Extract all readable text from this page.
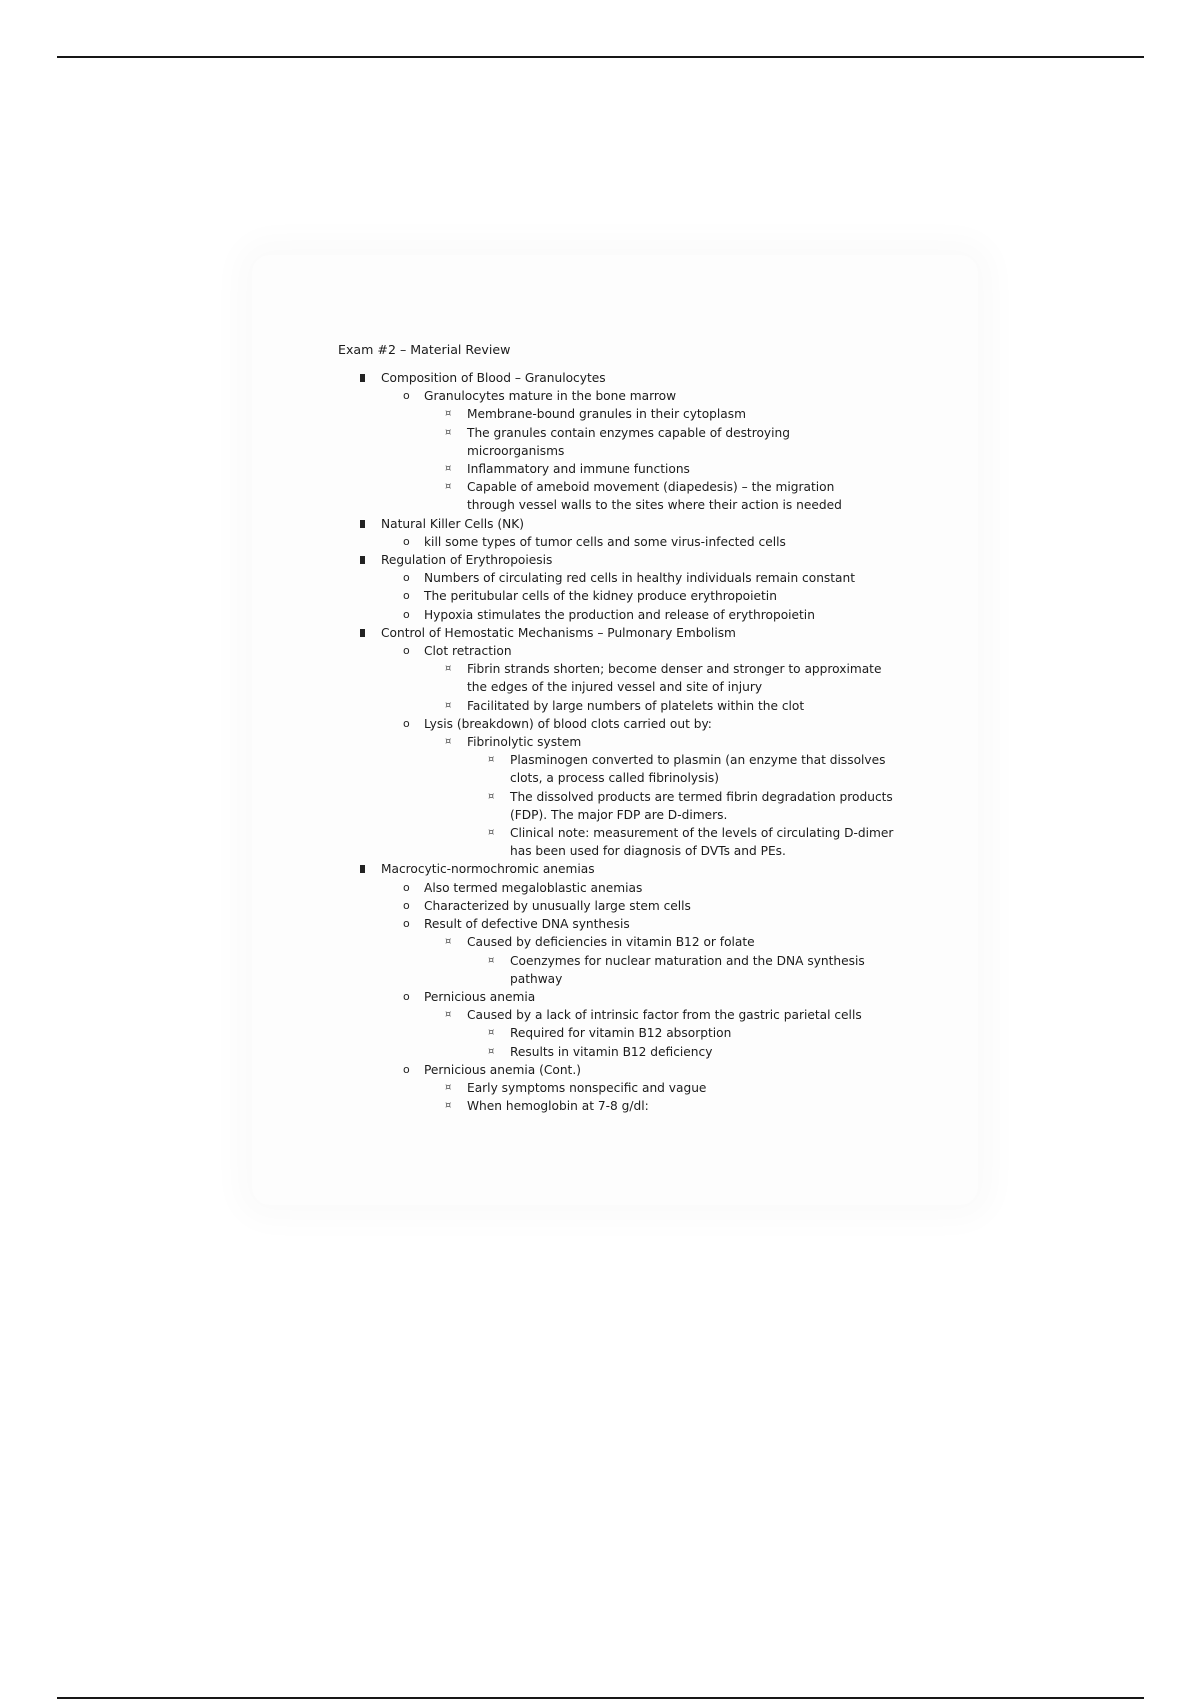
Exam #2 – Material Review
Composition of Blood – Granulocytes
Granulocytes mature in the bone marrow
Membrane-bound granules in their cytoplasm
The granules contain enzymes capable of destroying microorganisms
Inflammatory and immune functions
Capable of ameboid movement (diapedesis) – the migration through vessel walls to the sites where their action is needed
Natural Killer Cells (NK)
kill some types of tumor cells and some virus-infected cells
Regulation of Erythropoiesis
Numbers of circulating red cells in healthy individuals remain constant
The peritubular cells of the kidney produce erythropoietin
Hypoxia stimulates the production and release of erythropoietin
Control of Hemostatic Mechanisms – Pulmonary Embolism
Clot retraction
Fibrin strands shorten; become denser and stronger to approximate the edges of the injured vessel and site of injury
Facilitated by large numbers of platelets within the clot
Lysis (breakdown) of blood clots carried out by:
Fibrinolytic system
Plasminogen converted to plasmin (an enzyme that dissolves clots, a process called fibrinolysis)
The dissolved products are termed fibrin degradation products (FDP). The major FDP are D-dimers.
Clinical note: measurement of the levels of circulating D-dimer has been used for diagnosis of DVTs and PEs.
Macrocytic-normochromic anemias
Also termed megaloblastic anemias
Characterized by unusually large stem cells
Result of defective DNA synthesis
Caused by deficiencies in vitamin B12 or folate
Coenzymes for nuclear maturation and the DNA synthesis pathway
Pernicious anemia
Caused by a lack of intrinsic factor from the gastric parietal cells
Required for vitamin B12 absorption
Results in vitamin B12 deficiency
Pernicious anemia (Cont.)
Early symptoms nonspecific and vague
When hemoglobin at 7-8 g/dl:
